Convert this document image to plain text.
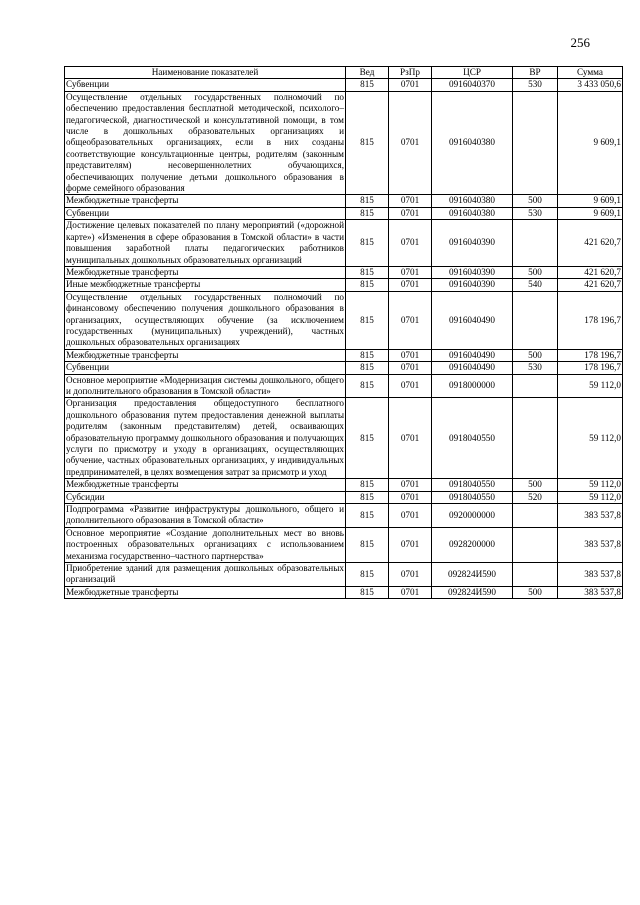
256
Наименование показателей	Вед	РзПр	ЦСР	ВР	Сумма
Субвенции	815	0701	0916040370	530	3 433 050,6
Осуществление отдельных государственных полномочий по обеспечению предоставления бесплатной методической, психолого–педагогической, диагностической и консультативной помощи, в том числе в дошкольных образовательных организациях и общеобразовательных организациях, если в них созданы соответствующие консультационные центры, родителям (законным представителям) несовершеннолетних обучающихся, обеспечивающих получение детьми дошкольного образования в форме семейного образования	815	0701	0916040380		9 609,1
Межбюджетные трансферты	815	0701	0916040380	500	9 609,1
Субвенции	815	0701	0916040380	530	9 609,1
Достижение целевых показателей по плану мероприятий («дорожной карте») «Изменения в сфере образования в Томской области» в части повышения заработной платы педагогических работников муниципальных дошкольных образовательных организаций	815	0701	0916040390		421 620,7
Межбюджетные трансферты	815	0701	0916040390	500	421 620,7
Иные межбюджетные трансферты	815	0701	0916040390	540	421 620,7
Осуществление отдельных государственных полномочий по финансовому обеспечению получения дошкольного образования в организациях, осуществляющих обучение (за исключением государственных (муниципальных) учреждений), частных дошкольных образовательных организациях	815	0701	0916040490		178 196,7
Межбюджетные трансферты	815	0701	0916040490	500	178 196,7
Субвенции	815	0701	0916040490	530	178 196,7
Основное мероприятие «Модернизация системы дошкольного, общего и дополнительного образования в Томской области»	815	0701	0918000000		59 112,0
Организация предоставления общедоступного бесплатного дошкольного образования путем предоставления денежной выплаты родителям (законным представителям) детей, осваивающих образовательную программу дошкольного образования и получающих услуги по присмотру и уходу в организациях, осуществляющих обучение, частных образовательных организациях, у индивидуальных предпринимателей, в целях возмещения затрат за присмотр и уход	815	0701	0918040550		59 112,0
Межбюджетные трансферты	815	0701	0918040550	500	59 112,0
Субсидии	815	0701	0918040550	520	59 112,0
Подпрограмма «Развитие инфраструктуры дошкольного, общего и дополнительного образования в Томской области»	815	0701	0920000000		383 537,8
Основное мероприятие «Создание дополнительных мест во вновь построенных образовательных организациях с использованием механизма государственно–частного партнерства»	815	0701	0928200000		383 537,8
Приобретение зданий для размещения дошкольных образовательных организаций	815	0701	092824И590		383 537,8
Межбюджетные трансферты	815	0701	092824И590	500	383 537,8
